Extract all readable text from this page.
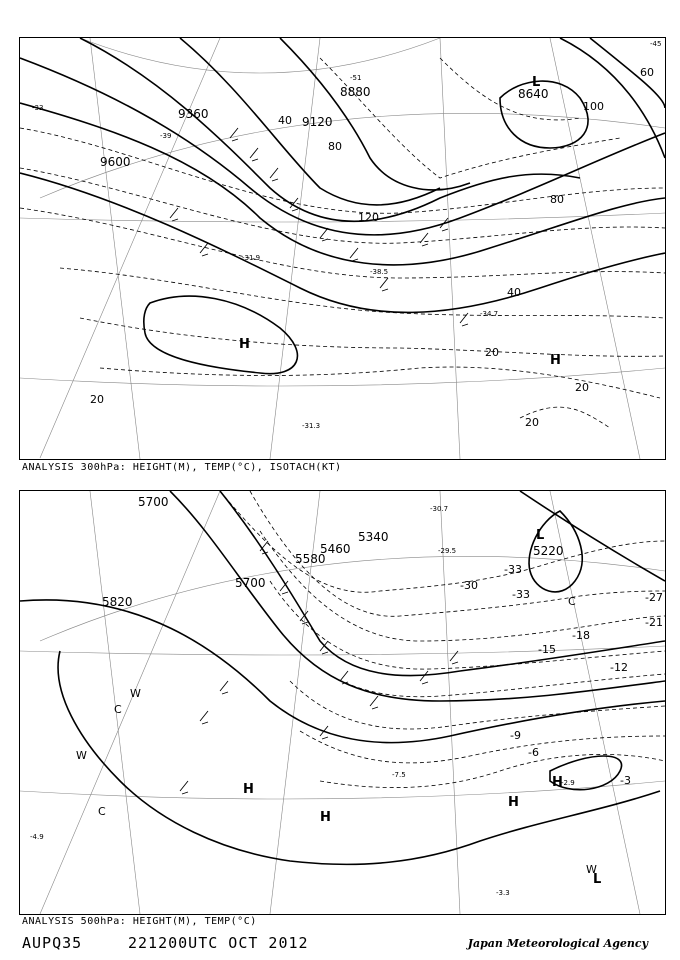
9360
9600
9120
8880	8640
20
20
20
20
40
40
60
80
80
100
120
L
H
H
-51
-45
-39
-33
-31.9
-38.5
-34.7
-31.3
ANALYSIS 300hPa: HEIGHT(M), TEMP(°C), ISOTACH(KT)
5700
5820
5700
5580
5460
5340
5220
-33
-30
-27
-21
-18
-15
-12
-9
-6
-3
-33
L
H
H
H
H
L
C
W
W
C
C
W
-29.5
-30.7
-4.9
-7.5
-2.9
-3.3
ANALYSIS 500hPa: HEIGHT(M), TEMP(°C)
AUPQ35	221200UTC OCT 2012	Japan Meteorological Agency
